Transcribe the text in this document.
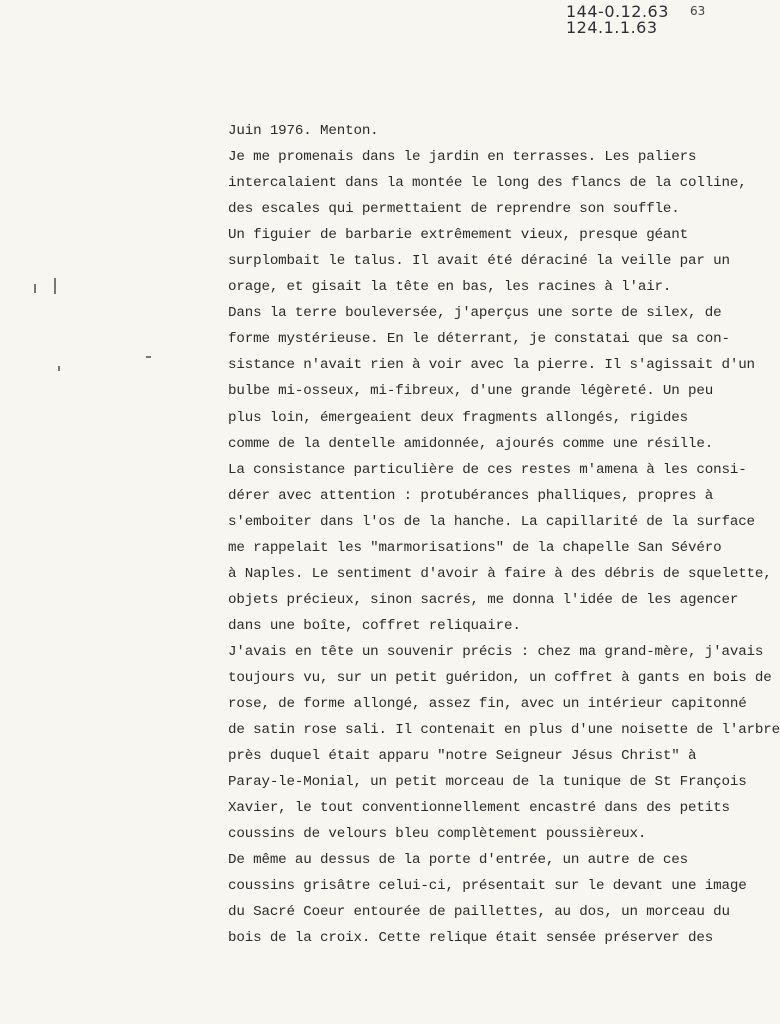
144-0.12.63
124.1.1.63
63
Juin 1976. Menton.
Je me promenais dans le jardin en terrasses. Les paliers
intercalaient dans la montée le long des flancs de la colline,
des escales qui permettaient de reprendre son souffle.
Un figuier de barbarie extrêmement vieux, presque géant
surplombait le talus. Il avait été déraciné la veille par un
orage, et gisait la tête en bas, les racines à l'air.
Dans la terre bouleversée, j'aperçus une sorte de silex, de
forme mystérieuse. En le déterrant, je constatai que sa con-
sistance n'avait rien à voir avec la pierre. Il s'agissait d'un
bulbe mi-osseux, mi-fibreux, d'une grande légèreté. Un peu
plus loin, émergeaient deux fragments allongés, rigides
comme de la dentelle amidonnée, ajourés comme une résille.
La consistance particulière de ces restes m'amena à les consi-
dérer avec attention : protubérances phalliques, propres à
s'emboiter dans l'os de la hanche. La capillarité de la surface
me rappelait les "marmorisations" de la chapelle San Sévéro
à Naples. Le sentiment d'avoir à faire à des débris de squelette,
objets précieux, sinon sacrés, me donna l'idée de les agencer
dans une boîte, coffret reliquaire.
J'avais en tête un souvenir précis : chez ma grand-mère, j'avais
toujours vu, sur un petit guéridon, un coffret à gants en bois de
rose, de forme allongé, assez fin, avec un intérieur capitonné
de satin rose sali. Il contenait en plus d'une noisette de l'arbre
près duquel était apparu "notre Seigneur Jésus Christ" à
Paray-le-Monial, un petit morceau de la tunique de St François
Xavier, le tout conventionnellement encastré dans des petits
coussins de velours bleu complètement poussièreux.
De même au dessus de la porte d'entrée, un autre de ces
coussins grisâtre celui-ci, présentait sur le devant une image
du Sacré Coeur entourée de paillettes, au dos, un morceau du
bois de la croix. Cette relique était sensée préserver des
